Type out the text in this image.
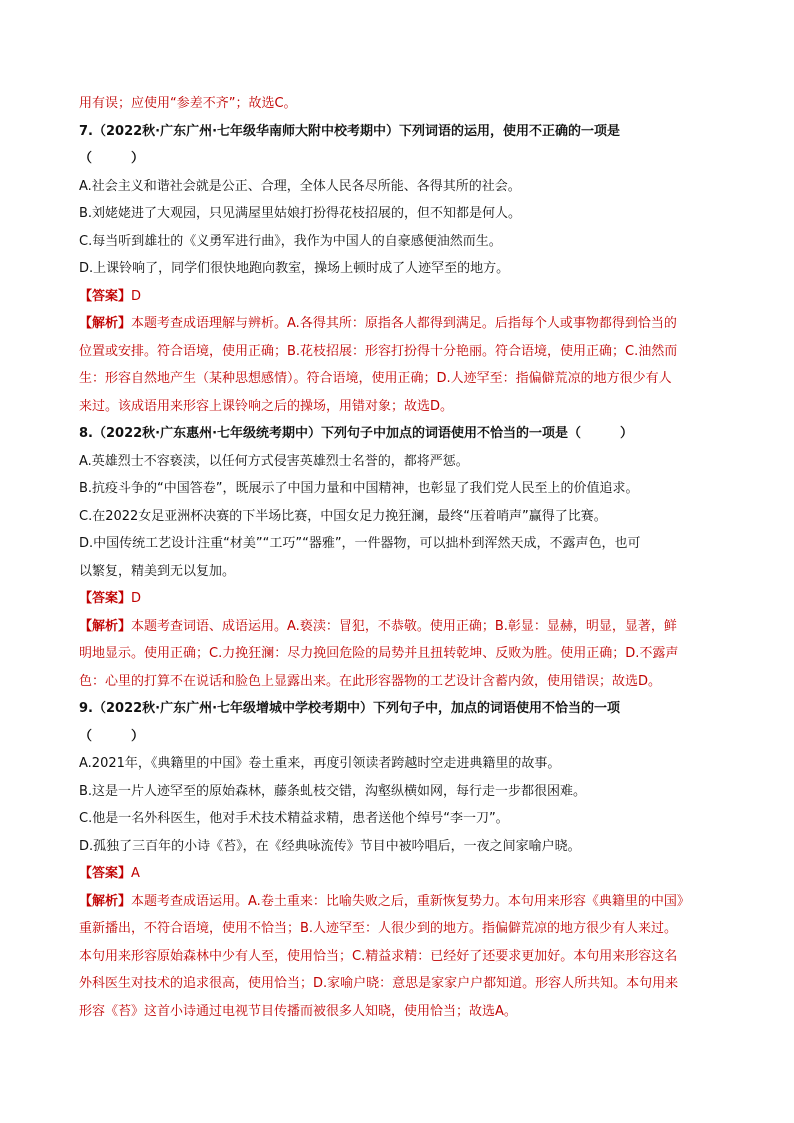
用有误；应使用“参差不齐”；故选C。
7.（2022秋·广东广州·七年级华南师大附中校考期中）下列词语的运用，使用不正确的一项是
（　　　）
A.社会主义和谐社会就是公正、合理，全体人民各尽所能、各得其所的社会。
B.刘姥姥进了大观园，只见满屋里姑娘打扮得花枝招展的，但不知都是何人。
C.每当听到雄壮的《义勇军进行曲》，我作为中国人的自豪感便油然而生。
D.上课铃响了，同学们很快地跑向教室，操场上顿时成了人迹罕至的地方。
【答案】D
【解析】本题考查成语理解与辨析。A.各得其所：原指各人都得到满足。后指每个人或事物都得到恰当的
位置或安排。符合语境，使用正确；B.花枝招展：形容打扮得十分艳丽。符合语境，使用正确；C.油然而
生：形容自然地产生（某种思想感情）。符合语境，使用正确；D.人迹罕至：指偏僻荒凉的地方很少有人
来过。该成语用来形容上课铃响之后的操场，用错对象；故选D。
8.（2022秋·广东惠州·七年级统考期中）下列句子中加点的词语使用不恰当的一项是（　　　）
A.英雄烈士不容亵渎，以任何方式侵害英雄烈士名誉的，都将严惩。
B.抗疫斗争的“中国答卷”，既展示了中国力量和中国精神，也彰显了我们党人民至上的价值追求。
C.在2022女足亚洲杯决赛的下半场比赛，中国女足力挽狂澜，最终“压着哨声”赢得了比赛。
D.中国传统工艺设计注重“材美”“工巧”“器雅”，一件器物，可以拙朴到浑然天成，不露声色，也可
以繁复，精美到无以复加。
【答案】D
【解析】本题考查词语、成语运用。A.亵渎：冒犯，不恭敬。使用正确；B.彰显：显赫，明显，显著，鲜
明地显示。使用正确；C.力挽狂澜：尽力挽回危险的局势并且扭转乾坤、反败为胜。使用正确；D.不露声
色：心里的打算不在说话和脸色上显露出来。在此形容器物的工艺设计含蓄内敛，使用错误；故选D。
9.（2022秋·广东广州·七年级增城中学校考期中）下列句子中，加点的词语使用不恰当的一项
（　　　）
A.2021年，《典籍里的中国》卷土重来，再度引领读者跨越时空走进典籍里的故事。
B.这是一片人迹罕至的原始森林，藤条虬枝交错，沟壑纵横如网，每行走一步都很困难。
C.他是一名外科医生，他对手术技术精益求精，患者送他个绰号“李一刀”。
D.孤独了三百年的小诗《苔》，在《经典咏流传》节目中被吟唱后，一夜之间家喻户晓。
【答案】A
【解析】本题考查成语运用。A.卷土重来：比喻失败之后，重新恢复势力。本句用来形容《典籍里的中国》
重新播出，不符合语境，使用不恰当；B.人迹罕至：人很少到的地方。指偏僻荒凉的地方很少有人来过。
本句用来形容原始森林中少有人至，使用恰当；C.精益求精：已经好了还要求更加好。本句用来形容这名
外科医生对技术的追求很高，使用恰当；D.家喻户晓：意思是家家户户都知道。形容人所共知。本句用来
形容《苔》这首小诗通过电视节目传播而被很多人知晓，使用恰当；故选A。
